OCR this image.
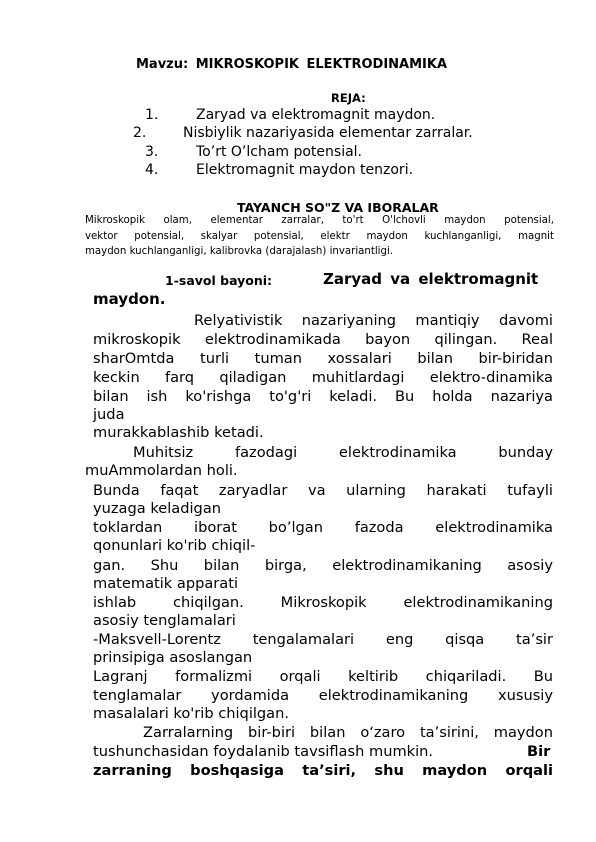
Mavzu: MIKROSKOPIK ELEKTRODINAMIKA
REJA:
1.	Zaryad va elektromagnit maydon.
2.	Nisbiylik nazariyasida elementar zarralar.
3.	To’rt O’lcham potensial.
4.	Elektromagnit maydon tenzori.
TAYANCH SO"Z VA IBORALAR
Mikroskopik olam, elementar zarralar, to'rt O'lchovli maydon potensial,
vektor potensial, skalyar potensial, elektr maydon kuchlanganligi, magnit
maydon kuchlanganligi, kalibrovka (darajalash) invariantligi.
1-savol bayoni:	Zaryad va elektromagnit
maydon.
Relyativistik nazariyaning mantiqiy davomi
mikroskopik elektrodinamikada bayon qilingan. Real
sharOmtda turli tuman xossalari bilan bir-biridan
keckin farq qiladigan muhitlardagi elektro-dinamika
bilan ish ko'rishga to'g'ri keladi. Bu holda nazariya
juda
murakkablashib ketadi.
Muhitsiz fazodagi elektrodinamika bunday
muAmmolardan holi.
Bunda faqat zaryadlar va ularning harakati tufayli
yuzaga keladigan
toklardan iborat bo’lgan fazoda elektrodinamika
qonunlari ko'rib chiqil-
gan. Shu bilan birga, elektrodinamikaning asosiy
matematik apparati
ishlab chiqilgan. Mikroskopik elektrodinamikaning
asosiy tenglamalari
-Maksvell-Lorentz tengalamalari eng qisqa ta’sir
prinsipiga asoslangan
Lagranj formalizmi orqali keltirib chiqariladi. Bu
tenglamalar yordamida elektrodinamikaning xususiy
masalalari ko'rib chiqilgan.
Zarralarning bir-biri bilan o‘zaro ta’sirini, maydon
tushunchasidan foydalanib tavsiflash mumkin.	Bir
zarraning boshqasiga ta’siri, shu maydon orqali
